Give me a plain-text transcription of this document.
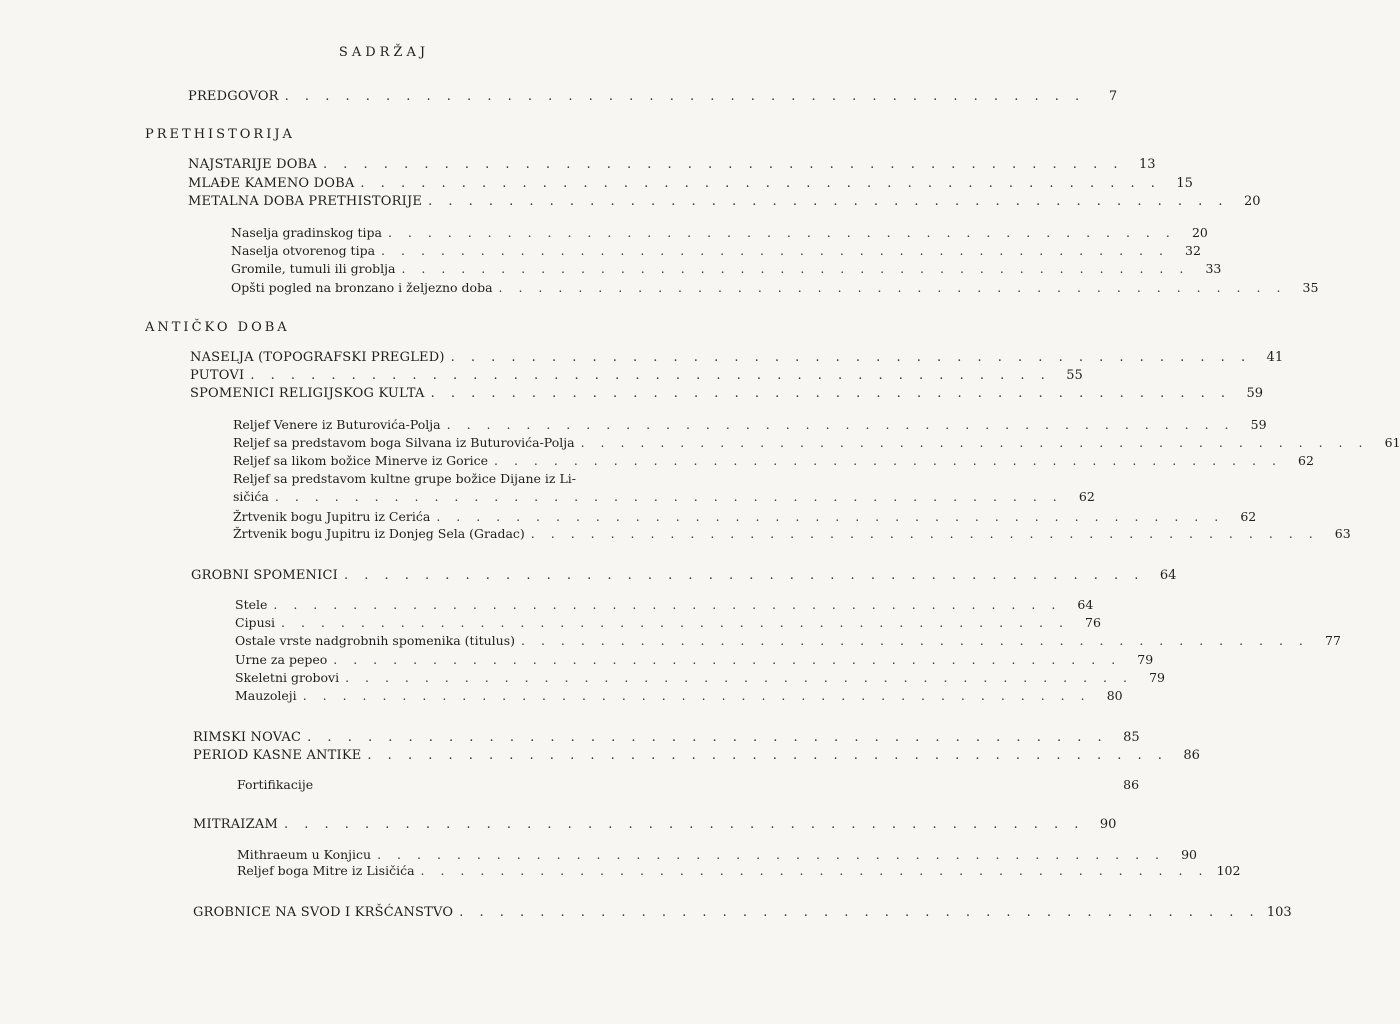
SADRŽAJ
PRETHISTORIJA
ANTIČKO DOBA
PREDGOVOR . . . . . . . . . . . . . . . . . . . . . . . . . . . . . . . . . . . . . . . .	7
NAJSTARIJE DOBA . . . . . . . . . . . . . . . . . . . . . . . . . . . . . . . . . . . . . . . .	13
MLAĐE KAMENO DOBA . . . . . . . . . . . . . . . . . . . . . . . . . . . . . . . . . . . . . . . .	15
METALNA DOBA PRETHISTORIJE . . . . . . . . . . . . . . . . . . . . . . . . . . . . . . . . . . . . . . . .	20
Naselja gradinskog tipa . . . . . . . . . . . . . . . . . . . . . . . . . . . . . . . . . . . . . . . .	20
Naselja otvorenog tipa . . . . . . . . . . . . . . . . . . . . . . . . . . . . . . . . . . . . . . . .	32
Gromile, tumuli ili groblja . . . . . . . . . . . . . . . . . . . . . . . . . . . . . . . . . . . . . . . .	33
Opšti pogled na bronzano i željezno doba . . . . . . . . . . . . . . . . . . . . . . . . . . . . . . . . . . . . . . . .	35
NASELJA (TOPOGRAFSKI PREGLED) . . . . . . . . . . . . . . . . . . . . . . . . . . . . . . . . . . . . . . . .	41
PUTOVI . . . . . . . . . . . . . . . . . . . . . . . . . . . . . . . . . . . . . . . .	55
SPOMENICI RELIGIJSKOG KULTA . . . . . . . . . . . . . . . . . . . . . . . . . . . . . . . . . . . . . . . .	59
Reljef Venere iz Buturovića-Polja . . . . . . . . . . . . . . . . . . . . . . . . . . . . . . . . . . . . . . . .	59
Reljef sa predstavom boga Silvana iz Buturovića-Polja . . . . . . . . . . . . . . . . . . . . . . . . . . . . . . . . . . . . . . . .	61
Reljef sa likom božice Minerve iz Gorice . . . . . . . . . . . . . . . . . . . . . . . . . . . . . . . . . . . . . . . .	62
Reljef sa predstavom kultne grupe božice Dijane iz Li-
sičića . . . . . . . . . . . . . . . . . . . . . . . . . . . . . . . . . . . . . . . .	62
Žrtvenik bogu Jupitru iz Cerića . . . . . . . . . . . . . . . . . . . . . . . . . . . . . . . . . . . . . . . .	62
Žrtvenik bogu Jupitru iz Donjeg Sela (Gradac) . . . . . . . . . . . . . . . . . . . . . . . . . . . . . . . . . . . . . . . .	63
GROBNI SPOMENICI . . . . . . . . . . . . . . . . . . . . . . . . . . . . . . . . . . . . . . . .	64
Stele . . . . . . . . . . . . . . . . . . . . . . . . . . . . . . . . . . . . . . . .	64
Cipusi . . . . . . . . . . . . . . . . . . . . . . . . . . . . . . . . . . . . . . . .	76
Ostale vrste nadgrobnih spomenika (titulus) . . . . . . . . . . . . . . . . . . . . . . . . . . . . . . . . . . . . . . . .	77
Urne za pepeo . . . . . . . . . . . . . . . . . . . . . . . . . . . . . . . . . . . . . . . .	79
Skeletni grobovi . . . . . . . . . . . . . . . . . . . . . . . . . . . . . . . . . . . . . . . .	79
Mauzoleji . . . . . . . . . . . . . . . . . . . . . . . . . . . . . . . . . . . . . . . .	80
RIMSKI NOVAC . . . . . . . . . . . . . . . . . . . . . . . . . . . . . . . . . . . . . . . .	85
PERIOD KASNE ANTIKE . . . . . . . . . . . . . . . . . . . . . . . . . . . . . . . . . . . . . . . .	86
Fortifikacije	86
MITRAIZAM . . . . . . . . . . . . . . . . . . . . . . . . . . . . . . . . . . . . . . . .	90
Mithraeum u Konjicu . . . . . . . . . . . . . . . . . . . . . . . . . . . . . . . . . . . . . . . .	90
Reljef boga Mitre iz Lisičića . . . . . . . . . . . . . . . . . . . . . . . . . . . . . . . . . . . . . . . . 102
GROBNICE NA SVOD I KRŠĆANSTVO . . . . . . . . . . . . . . . . . . . . . . . . . . . . . . . . . . . . . . . . 103
